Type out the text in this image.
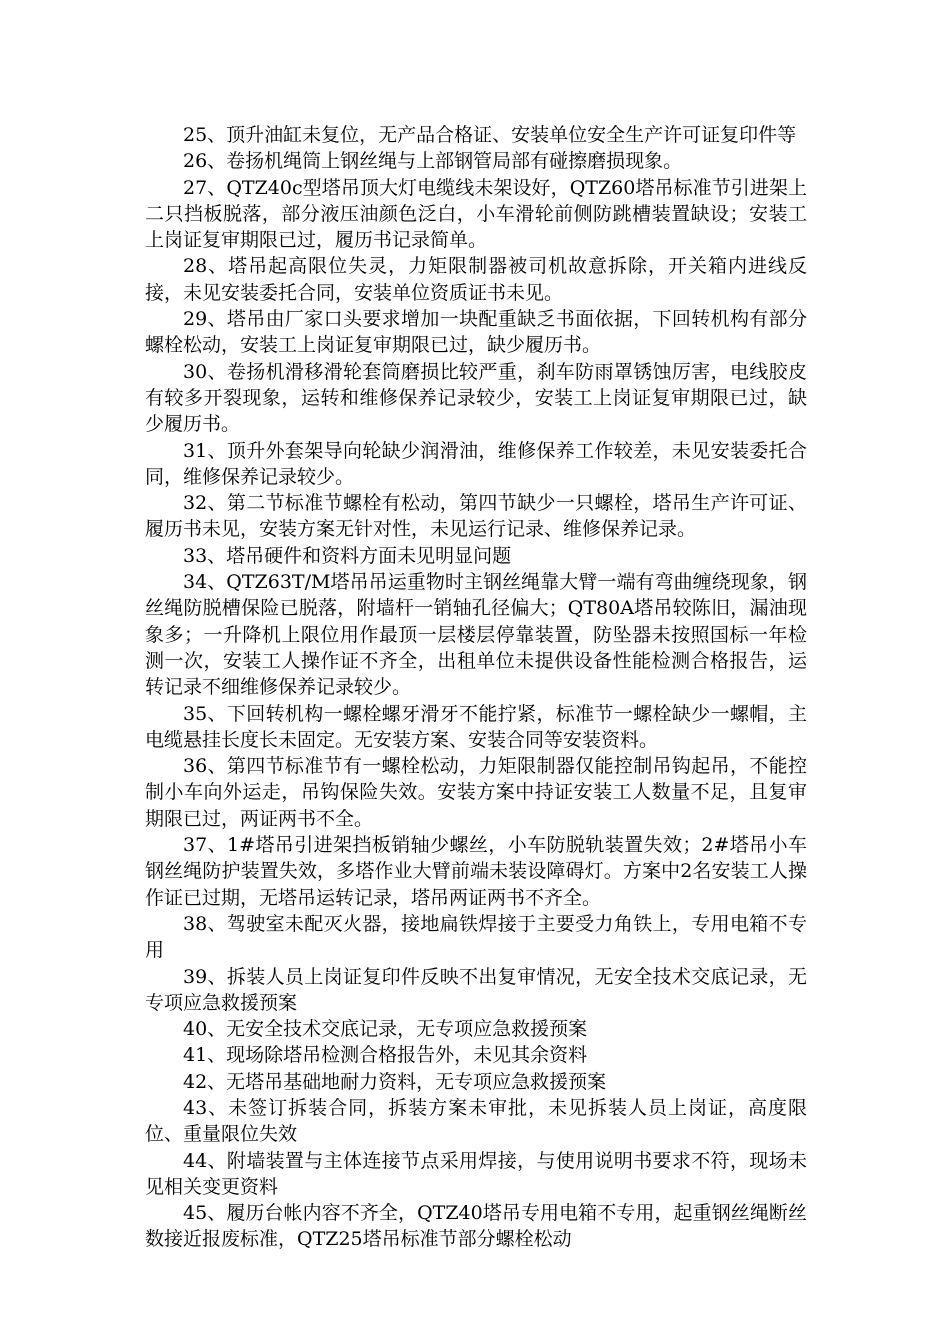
25、顶升油缸未复位，无产品合格证、安装单位安全生产许可证复印件等

26、卷扬机绳筒上钢丝绳与上部钢管局部有碰擦磨损现象。

27、QTZ40c型塔吊顶大灯电缆线未架设好，QTZ60塔吊标准节引进架上二只挡板脱落，部分液压油颜色泛白，小车滑轮前侧防跳槽装置缺设；安装工上岗证复审期限已过，履历书记录简单。

28、塔吊起高限位失灵，力矩限制器被司机故意拆除，开关箱内进线反接，未见安装委托合同，安装单位资质证书未见。

29、塔吊由厂家口头要求增加一块配重缺乏书面依据，下回转机构有部分螺栓松动，安装工上岗证复审期限已过，缺少履历书。

30、卷扬机滑移滑轮套筒磨损比较严重，刹车防雨罩锈蚀厉害，电线胶皮有较多开裂现象，运转和维修保养记录较少，安装工上岗证复审期限已过，缺少履历书。

31、顶升外套架导向轮缺少润滑油，维修保养工作较差，未见安装委托合同，维修保养记录较少。

32、第二节标准节螺栓有松动，第四节缺少一只螺栓，塔吊生产许可证、履历书未见，安装方案无针对性，未见运行记录、维修保养记录。

33、塔吊硬件和资料方面未见明显问题

34、QTZ63T/M塔吊吊运重物时主钢丝绳靠大臂一端有弯曲缠绕现象，钢丝绳防脱槽保险已脱落，附墙杆一销轴孔径偏大；QT80A塔吊较陈旧，漏油现象多；一升降机上限位用作最顶一层楼层停靠装置，防坠器未按照国标一年检测一次，安装工人操作证不齐全，出租单位未提供设备性能检测合格报告，运转记录不细维修保养记录较少。

35、下回转机构一螺栓螺牙滑牙不能拧紧，标准节一螺栓缺少一螺帽，主电缆悬挂长度长未固定。无安装方案、安装合同等安装资料。

36、第四节标准节有一螺栓松动，力矩限制器仅能控制吊钩起吊，不能控制小车向外运走，吊钩保险失效。安装方案中持证安装工人数量不足，且复审期限已过，两证两书不全。

37、1#塔吊引进架挡板销轴少螺丝，小车防脱轨装置失效；2#塔吊小车钢丝绳防护装置失效，多塔作业大臂前端未装设障碍灯。方案中2名安装工人操作证已过期，无塔吊运转记录，塔吊两证两书不齐全。

38、驾驶室未配灭火器，接地扁铁焊接于主要受力角铁上，专用电箱不专用

39、拆装人员上岗证复印件反映不出复审情况，无安全技术交底记录，无专项应急救援预案

40、无安全技术交底记录，无专项应急救援预案

41、现场除塔吊检测合格报告外，未见其余资料

42、无塔吊基础地耐力资料，无专项应急救援预案

43、未签订拆装合同，拆装方案未审批，未见拆装人员上岗证，高度限位、重量限位失效

44、附墙装置与主体连接节点采用焊接，与使用说明书要求不符，现场未见相关变更资料

45、履历台帐内容不齐全，QTZ40塔吊专用电箱不专用，起重钢丝绳断丝数接近报废标准，QTZ25塔吊标准节部分螺栓松动
